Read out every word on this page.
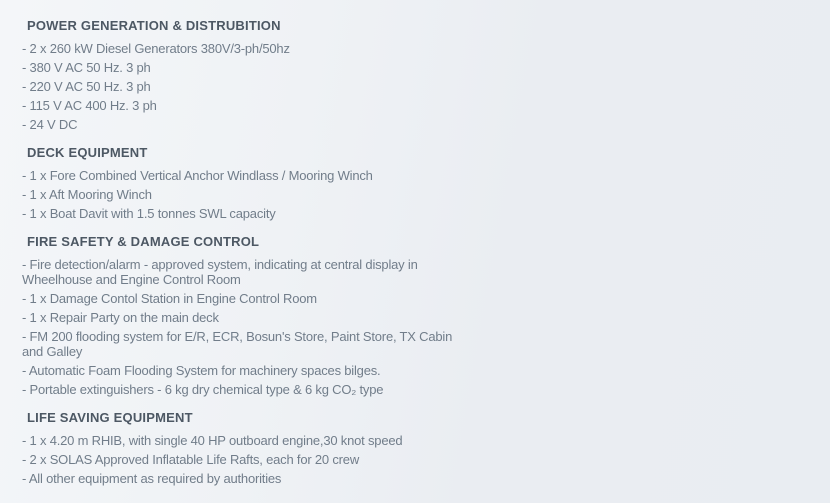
POWER GENERATION & DISTRUBITION

- 2 x 260 kW Diesel Generators 380V/3-ph/50hz

- 380 V AC 50 Hz. 3 ph

- 220 V AC 50 Hz. 3 ph

- 115 V AC 400 Hz. 3 ph

- 24 V DC

DECK EQUIPMENT

- 1 x Fore Combined Vertical Anchor Windlass / Mooring Winch

- 1 x Aft Mooring Winch

- 1 x Boat Davit with 1.5 tonnes SWL capacity

FIRE SAFETY & DAMAGE CONTROL

- Fire detection/alarm - approved system, indicating at central display in

Wheelhouse and Engine Control Room

- 1 x Damage Contol Station in Engine Control Room

- 1 x Repair Party on the main deck

- FM 200 flooding system for E/R, ECR, Bosun's Store, Paint Store, TX Cabin

and Galley

- Automatic Foam Flooding System for machinery spaces bilges.

- Portable extinguishers - 6 kg dry chemical type & 6 kg CO₂ type

LIFE SAVING EQUIPMENT

- 1 x 4.20 m RHIB, with single 40 HP outboard engine,30 knot speed

- 2 x SOLAS Approved Inflatable Life Rafts, each for 20 crew

- All other equipment as required by authorities
